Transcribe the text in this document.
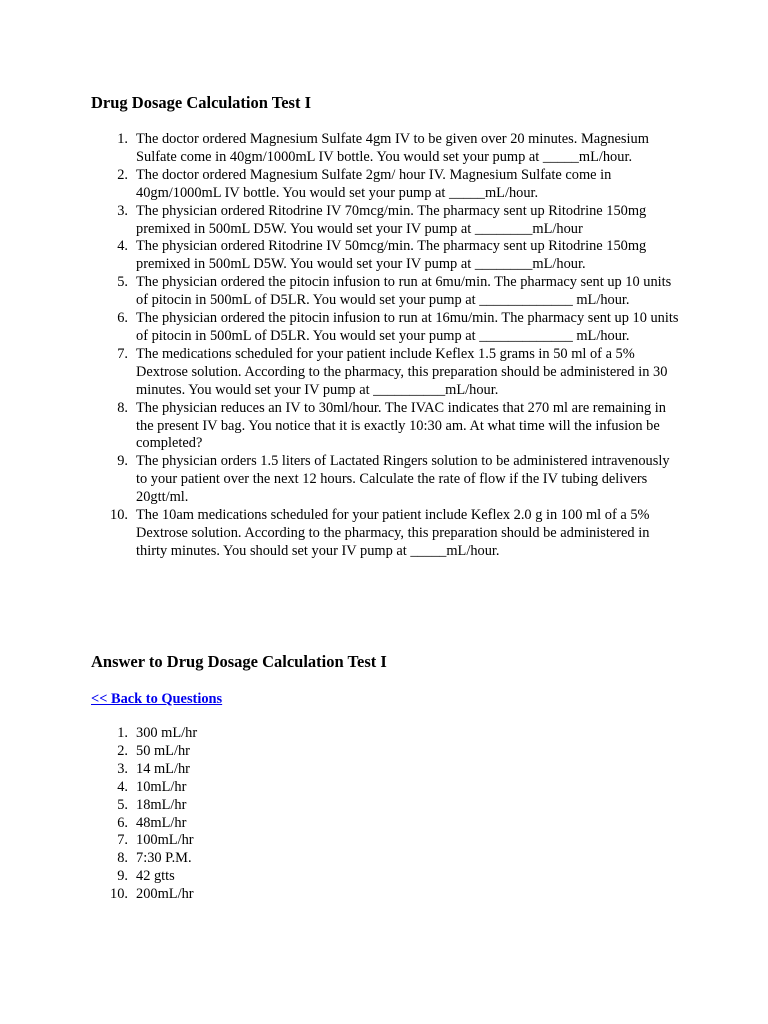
Drug Dosage Calculation Test I
1. The doctor ordered Magnesium Sulfate 4gm IV to be given over 20 minutes. Magnesium Sulfate come in 40gm/1000mL IV bottle. You would set your pump at _____mL/hour.
2. The doctor ordered Magnesium Sulfate 2gm/ hour IV. Magnesium Sulfate come in 40gm/1000mL IV bottle. You would set your pump at _____mL/hour.
3. The physician ordered Ritodrine IV 70mcg/min. The pharmacy sent up Ritodrine 150mg premixed in 500mL D5W. You would set your IV pump at ________mL/hour
4. The physician ordered Ritodrine IV 50mcg/min. The pharmacy sent up Ritodrine 150mg premixed in 500mL D5W. You would set your IV pump at ________mL/hour.
5. The physician ordered the pitocin infusion to run at 6mu/min. The pharmacy sent up 10 units of pitocin in 500mL of D5LR. You would set your pump at _____________ mL/hour.
6. The physician ordered the pitocin infusion to run at 16mu/min. The pharmacy sent up 10 units of pitocin in 500mL of D5LR. You would set your pump at _____________ mL/hour.
7. The medications scheduled for your patient include Keflex 1.5 grams in 50 ml of a 5% Dextrose solution. According to the pharmacy, this preparation should be administered in 30 minutes. You would set your IV pump at __________mL/hour.
8. The physician reduces an IV to 30ml/hour. The IVAC indicates that 270 ml are remaining in the present IV bag. You notice that it is exactly 10:30 am. At what time will the infusion be completed?
9. The physician orders 1.5 liters of Lactated Ringers solution to be administered intravenously to your patient over the next 12 hours. Calculate the rate of flow if the IV tubing delivers 20gtt/ml.
10. The 10am medications scheduled for your patient include Keflex 2.0 g in 100 ml of a 5% Dextrose solution. According to the pharmacy, this preparation should be administered in thirty minutes. You should set your IV pump at _____mL/hour.
Answer to Drug Dosage Calculation Test I
<< Back to Questions
1. 300 mL/hr
2. 50 mL/hr
3. 14 mL/hr
4. 10mL/hr
5. 18mL/hr
6. 48mL/hr
7. 100mL/hr
8. 7:30 P.M.
9. 42 gtts
10. 200mL/hr
